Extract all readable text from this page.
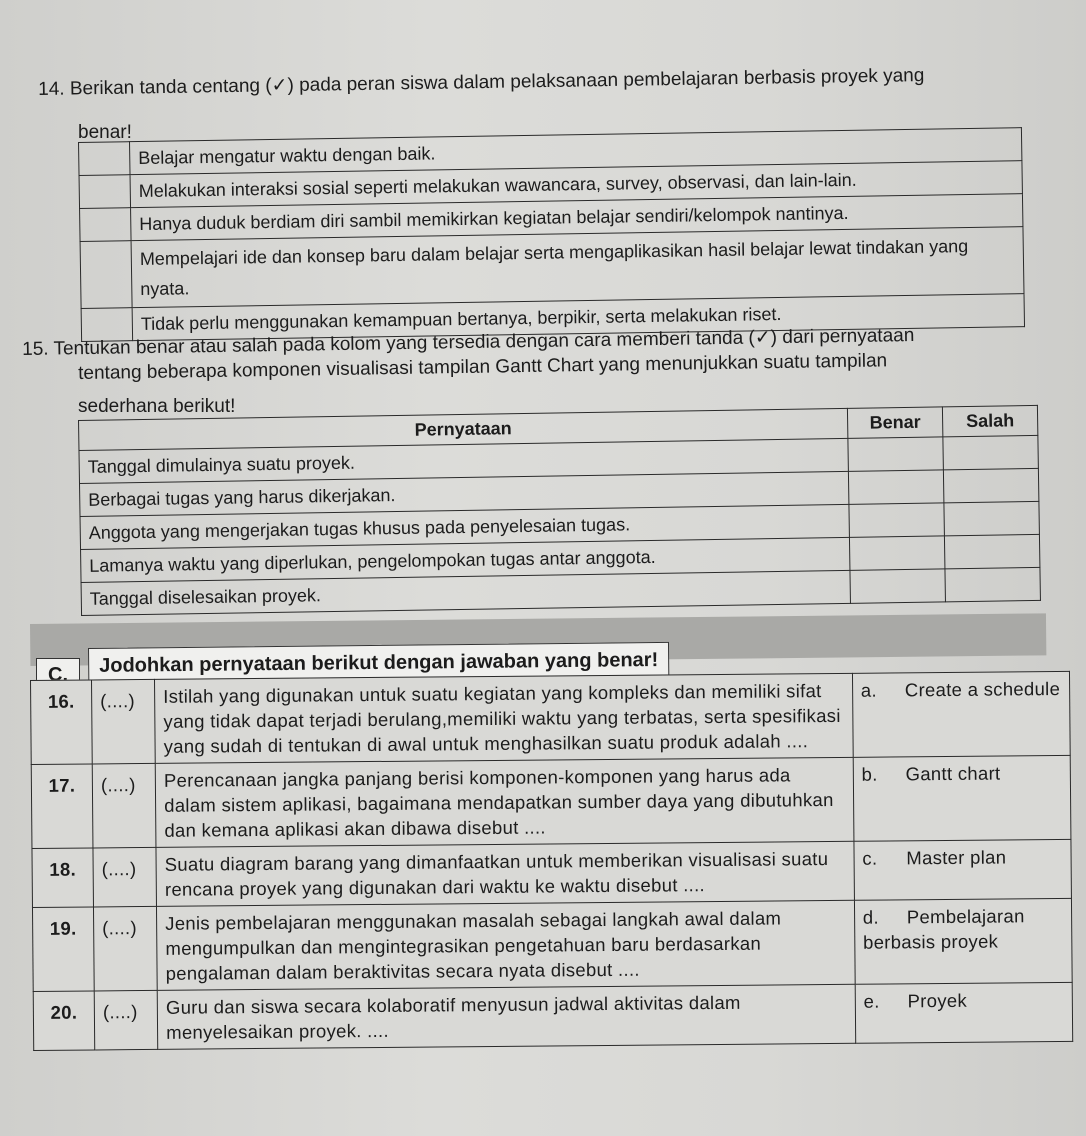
14. Berikan tanda centang (✓) pada peran siswa dalam pelaksanaan pembelajaran berbasis proyek yang
benar!
	Belajar mengatur waktu dengan baik.
	Melakukan interaksi sosial seperti melakukan wawancara, survey, observasi, dan lain-lain.
	Hanya duduk berdiam diri sambil memikirkan kegiatan belajar sendiri/kelompok nantinya.
	Mempelajari ide dan konsep baru dalam belajar serta mengaplikasikan hasil belajar lewat tindakan yang nyata.
	Tidak perlu menggunakan kemampuan bertanya, berpikir, serta melakukan riset.
15. Tentukan benar atau salah pada kolom yang tersedia dengan cara memberi tanda (✓) dari pernyataan
tentang beberapa komponen visualisasi tampilan Gantt Chart yang menunjukkan suatu tampilan
sederhana berikut!
Pernyataan	Benar	Salah
Tanggal dimulainya suatu proyek.		
Berbagai tugas yang harus dikerjakan.		
Anggota yang mengerjakan tugas khusus pada penyelesaian tugas.		
Lamanya waktu yang diperlukan, pengelompokan tugas antar anggota.		
Tanggal diselesaikan proyek.		
C.	Jodohkan pernyataan berikut dengan jawaban yang benar!
16.	(....)	Istilah yang digunakan untuk suatu kegiatan yang kompleks dan memiliki sifat yang tidak dapat terjadi berulang,memiliki waktu yang terbatas, serta spesifikasi yang sudah di tentukan di awal untuk menghasilkan suatu produk adalah ....	a. Create a schedule
17.	(....)	Perencanaan jangka panjang berisi komponen-komponen yang harus ada dalam sistem aplikasi, bagaimana mendapatkan sumber daya yang dibutuhkan dan kemana aplikasi akan dibawa disebut ....	b. Gantt chart
18.	(....)	Suatu diagram barang yang dimanfaatkan untuk memberikan visualisasi suatu rencana proyek yang digunakan dari waktu ke waktu disebut ....	c. Master plan
19.	(....)	Jenis pembelajaran menggunakan masalah sebagai langkah awal dalam mengumpulkan dan mengintegrasikan pengetahuan baru berdasarkan pengalaman dalam beraktivitas secara nyata disebut ....	d. Pembelajaran berbasis proyek
20.	(....)	Guru dan siswa secara kolaboratif menyusun jadwal aktivitas dalam menyelesaikan proyek. ....	e. Proyek
